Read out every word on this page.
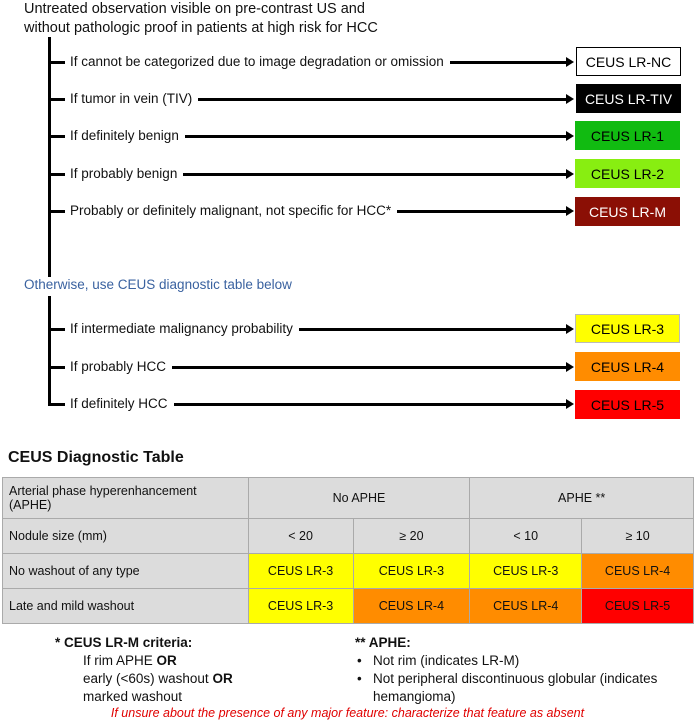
Untreated observation visible on pre-contrast US and
without pathologic proof in patients at high risk for HCC
If cannot be categorized due to image degradation or omission	CEUS LR-NC
If tumor in vein (TIV)	CEUS LR-TIV
If definitely benign	CEUS LR-1
If probably benign	CEUS LR-2
Probably or definitely malignant, not specific for HCC*	CEUS LR-M
Otherwise, use CEUS diagnostic table below
If intermediate malignancy probability	CEUS LR-3
If probably HCC	CEUS LR-4
If definitely HCC	CEUS LR-5
CEUS Diagnostic Table
Arterial phase hyperenhancement (APHE)	No APHE		APHE **	
Nodule size (mm)	< 20	≥ 20	< 10	≥ 10
No washout of any type	CEUS LR-3	CEUS LR-3	CEUS LR-3	CEUS LR-4
Late and mild washout	CEUS LR-3	CEUS LR-4	CEUS LR-4	CEUS LR-5
* CEUS LR-M criteria:
If rim APHE OR
early (<60s) washout OR
marked washout
** APHE:
• Not rim (indicates LR-M)
• Not peripheral discontinuous globular (indicates hemangioma)
If unsure about the presence of any major feature: characterize that feature as absent
